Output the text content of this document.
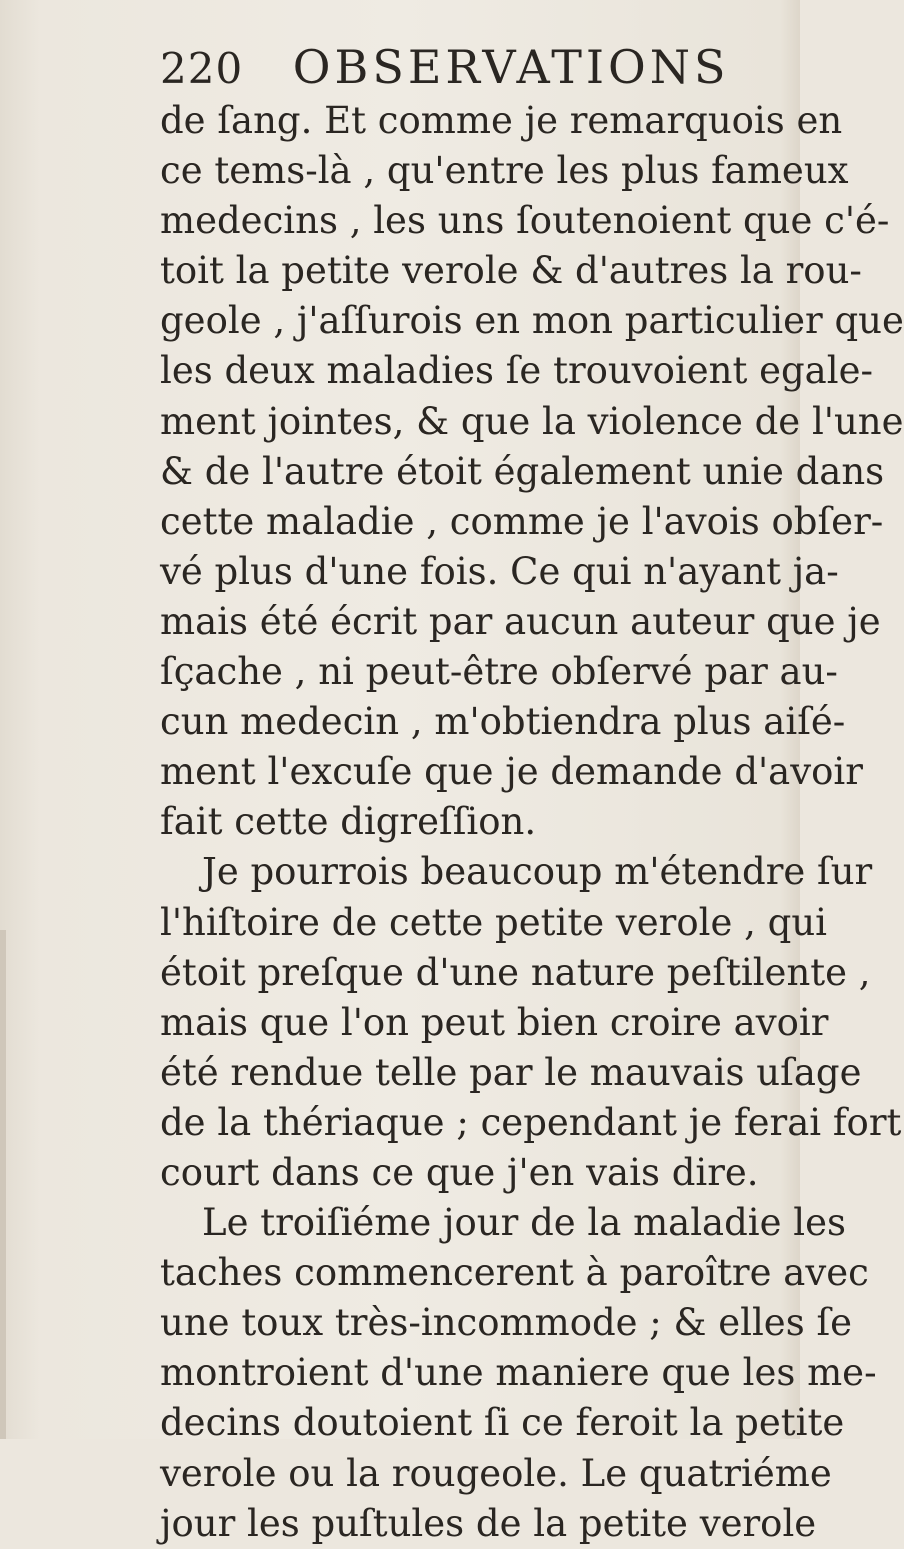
220 OBSERVATIONS
de ſang. Et comme je remarquois en
ce tems-là , qu'entre les plus fameux
medecins , les uns ſoutenoient que c'é-
toit la petite verole & d'autres la rou-
geole , j'aſſurois en mon particulier que
les deux maladies ſe trouvoient egale-
ment jointes, & que la violence de l'une
& de l'autre étoit également unie dans
cette maladie , comme je l'avois obſer-
vé plus d'une fois. Ce qui n'ayant ja-
mais été écrit par aucun auteur que je
ſçache , ni peut-être obſervé par au-
cun medecin , m'obtiendra plus aiſé-
ment l'excuſe que je demande d'avoir
fait cette digreſſion.
Je pourrois beaucoup m'étendre ſur
l'hiſtoire de cette petite verole , qui
étoit preſque d'une nature peſtilente ,
mais que l'on peut bien croire avoir
été rendue telle par le mauvais uſage
de la thériaque ; cependant je ferai fort
court dans ce que j'en vais dire.
Le troiſiéme jour de la maladie les
taches commencerent à paroître avec
une toux très-incommode ; & elles ſe
montroient d'une maniere que les me-
decins doutoient ſi ce feroit la petite
verole ou la rougeole. Le quatriéme
jour les puſtules de la petite verole
